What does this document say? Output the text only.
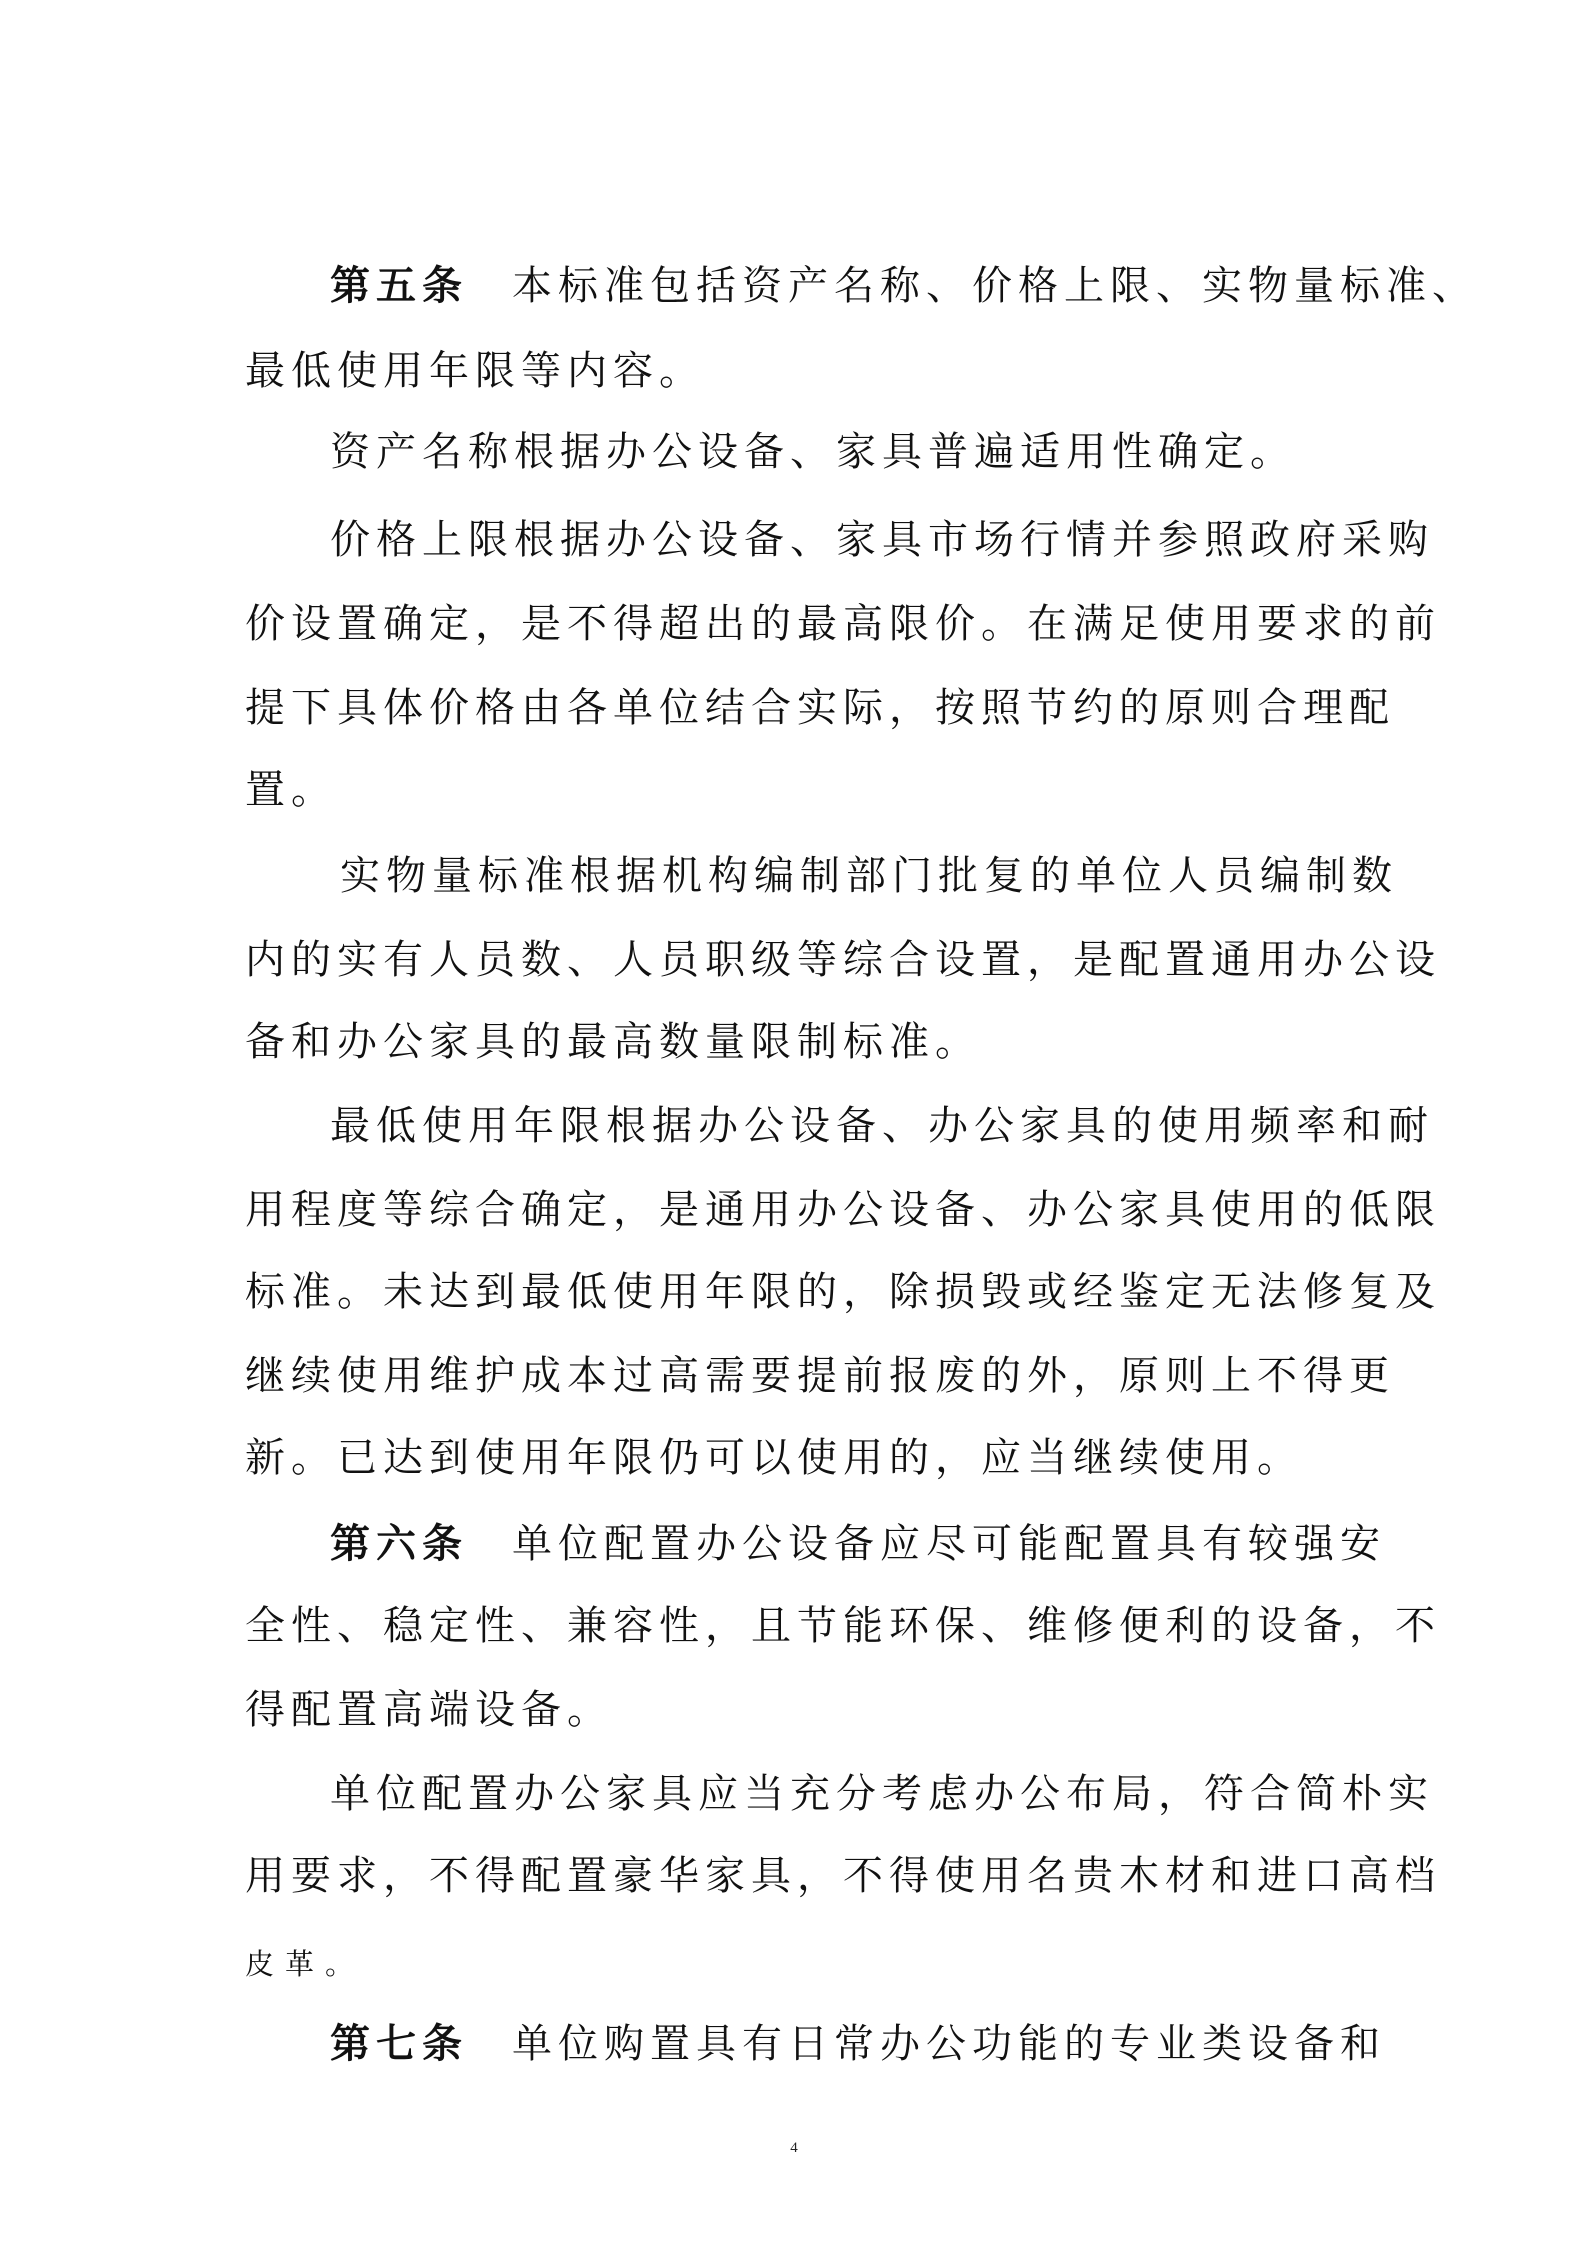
第五条 本标准包括资产名称、价格上限、实物量标准、
最低使用年限等内容。
资产名称根据办公设备、家具普遍适用性确定。
价格上限根据办公设备、家具市场行情并参照政府采购
价设置确定，是不得超出的最高限价。在满足使用要求的前
提下具体价格由各单位结合实际，按照节约的原则合理配
置。
实物量标准根据机构编制部门批复的单位人员编制数
内的实有人员数、人员职级等综合设置，是配置通用办公设
备和办公家具的最高数量限制标准。
最低使用年限根据办公设备、办公家具的使用频率和耐
用程度等综合确定，是通用办公设备、办公家具使用的低限
标准。未达到最低使用年限的，除损毁或经鉴定无法修复及
继续使用维护成本过高需要提前报废的外，原则上不得更
新。已达到使用年限仍可以使用的，应当继续使用。
第六条 单位配置办公设备应尽可能配置具有较强安
全性、稳定性、兼容性，且节能环保、维修便利的设备，不
得配置高端设备。
单位配置办公家具应当充分考虑办公布局，符合简朴实
用要求，不得配置豪华家具，不得使用名贵木材和进口高档
皮革。
第七条 单位购置具有日常办公功能的专业类设备和
4
